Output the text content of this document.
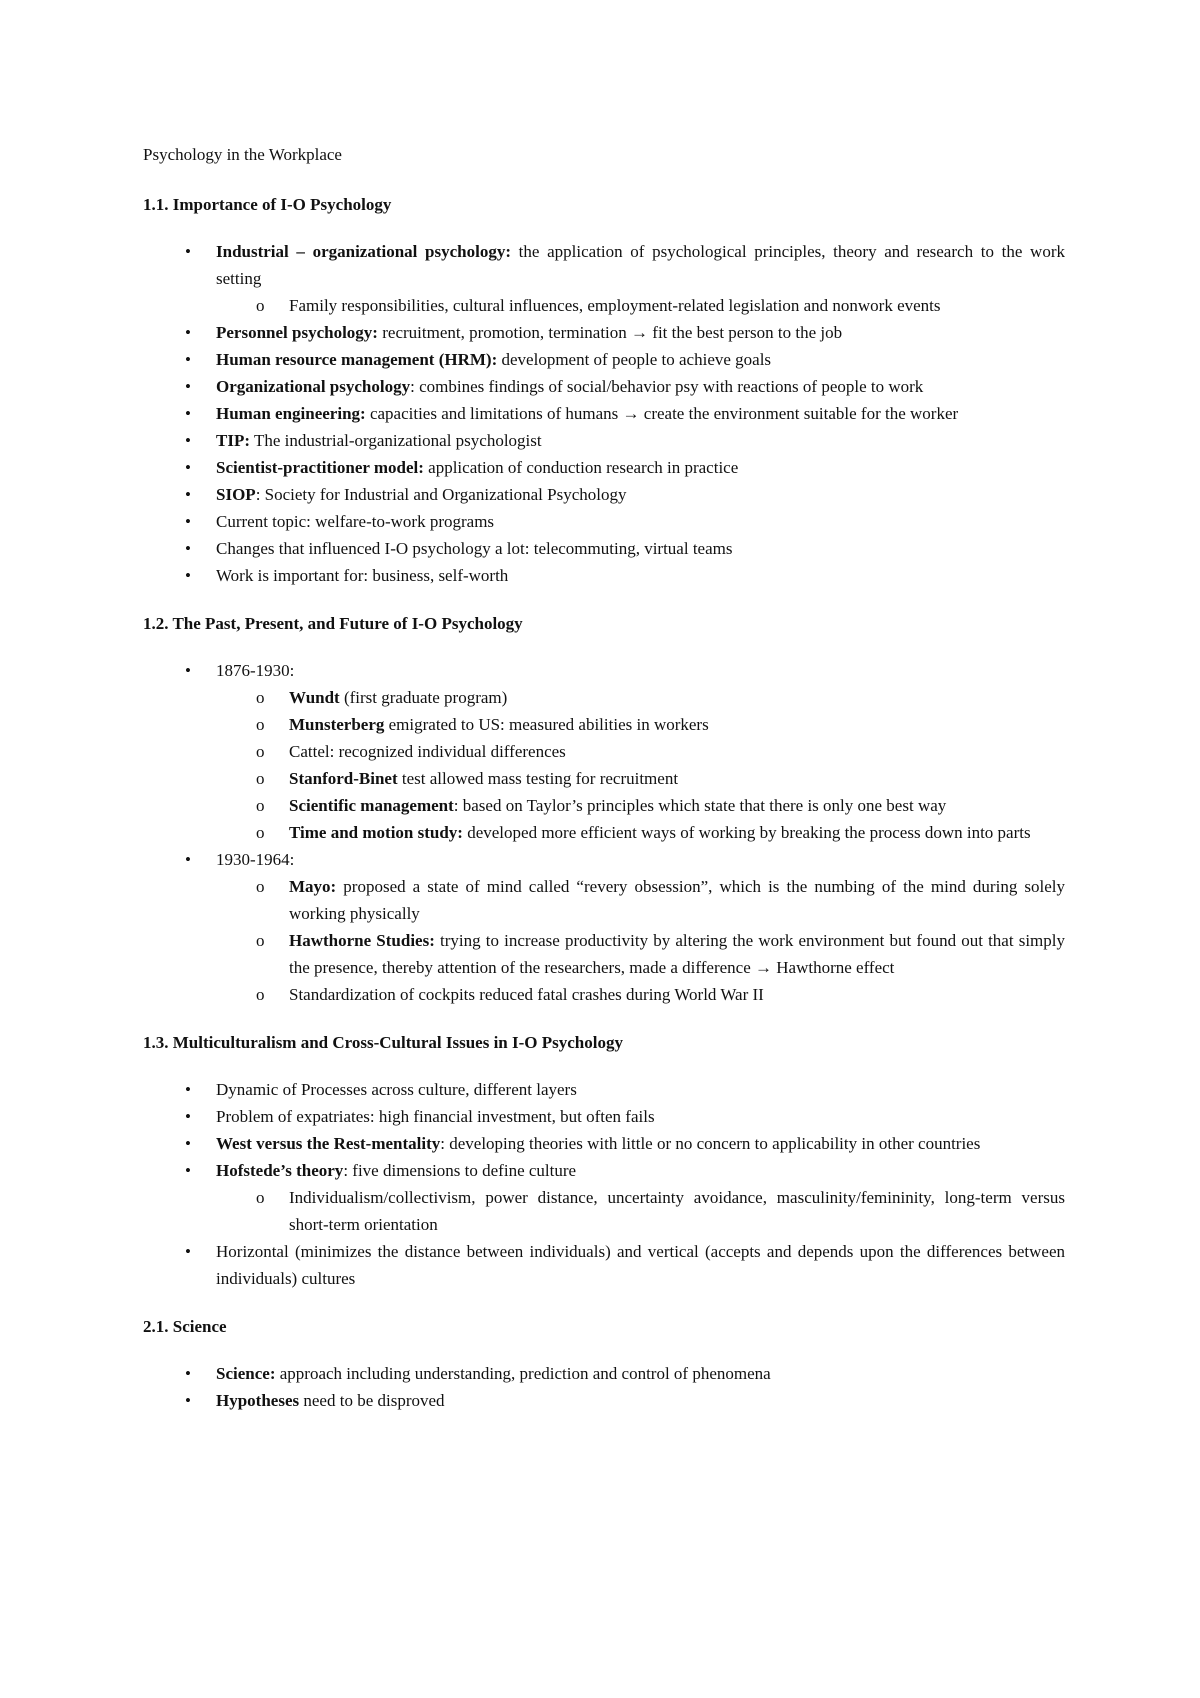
Psychology in the Workplace
1.1. Importance of I-O Psychology
• Industrial – organizational psychology: the application of psychological principles, theory and research to the work setting
o Family responsibilities, cultural influences, employment-related legislation and nonwork events
• Personnel psychology: recruitment, promotion, termination → fit the best person to the job
• Human resource management (HRM): development of people to achieve goals
• Organizational psychology: combines findings of social/behavior psy with reactions of people to work
• Human engineering: capacities and limitations of humans → create the environment suitable for the worker
• TIP: The industrial-organizational psychologist
• Scientist-practitioner model: application of conduction research in practice
• SIOP: Society for Industrial and Organizational Psychology
• Current topic: welfare-to-work programs
• Changes that influenced I-O psychology a lot: telecommuting, virtual teams
• Work is important for: business, self-worth
1.2. The Past, Present, and Future of I-O Psychology
• 1876-1930:
o Wundt (first graduate program)
o Munsterberg emigrated to US: measured abilities in workers
o Cattel: recognized individual differences
o Stanford-Binet test allowed mass testing for recruitment
o Scientific management: based on Taylor’s principles which state that there is only one best way
o Time and motion study: developed more efficient ways of working by breaking the process down into parts
• 1930-1964:
o Mayo: proposed a state of mind called “revery obsession”, which is the numbing of the mind during solely working physically
o Hawthorne Studies: trying to increase productivity by altering the work environment but found out that simply the presence, thereby attention of the researchers, made a difference → Hawthorne effect
o Standardization of cockpits reduced fatal crashes during World War II
1.3. Multiculturalism and Cross-Cultural Issues in I-O Psychology
• Dynamic of Processes across culture, different layers
• Problem of expatriates: high financial investment, but often fails
• West versus the Rest-mentality: developing theories with little or no concern to applicability in other countries
• Hofstede’s theory: five dimensions to define culture
o Individualism/collectivism, power distance, uncertainty avoidance, masculinity/femininity, long-term versus short-term orientation
• Horizontal (minimizes the distance between individuals) and vertical (accepts and depends upon the differences between individuals) cultures
2.1. Science
• Science: approach including understanding, prediction and control of phenomena
• Hypotheses need to be disproved
